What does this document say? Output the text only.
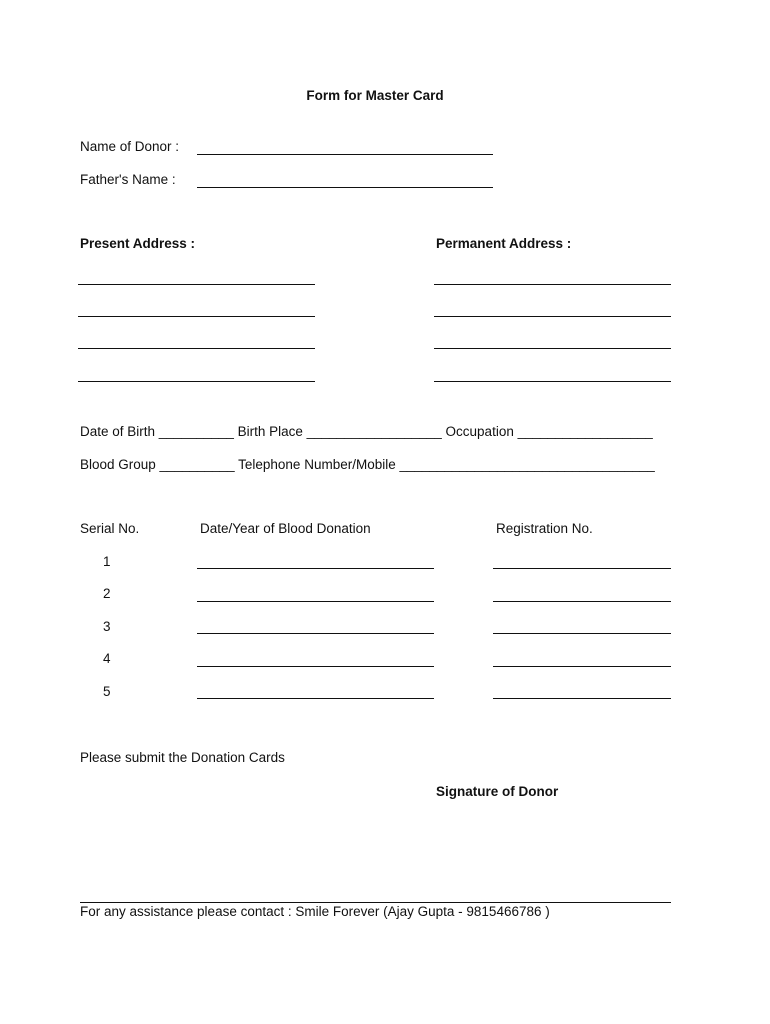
Form for Master Card
Name of Donor :
Father's Name :
Present Address :	Permanent Address :
Date of Birth __________ Birth Place __________________ Occupation __________________
Blood Group __________ Telephone Number/Mobile __________________________________
Serial No.	Date/Year of Blood Donation	Registration No.
1
2
3
4
5
Please submit the Donation Cards
Signature of Donor
For any assistance please contact : Smile Forever (Ajay Gupta - 9815466786 )
